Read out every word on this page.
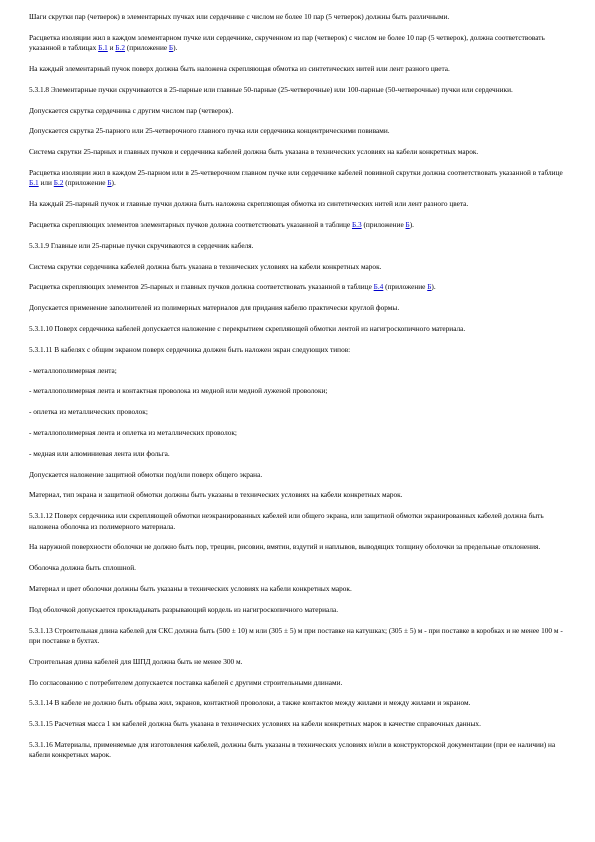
Шаги скрутки пар (четверок) в элементарных пучках или сердечнике с числом не более 10 пар (5 четверок) должны быть различными.

Расцветка изоляции жил в каждом элементарном пучке или сердечнике, скрученном из пар (четверок) с числом не более 10 пар (5 четверок), должна соответствовать указанной в таблицах Б.1 и Б.2 (приложение Б).

На каждый элементарный пучок поверх должна быть наложена скрепляющая обмотка из синтетических нитей или лент разного цвета.

5.3.1.8 Элементарные пучки скручиваются в 25-парные или главные 50-парные (25-четверочные) или 100-парные (50-четверочные) пучки или сердечники.

Допускается скрутка сердечника с другим числом пар (четверок).

Допускается скрутка 25-парного или 25-четверочного главного пучка или сердечника концентрическими повивами.

Система скрутки 25-парных и главных пучков и сердечника кабелей должна быть указана в технических условиях на кабели конкретных марок.

Расцветка изоляции жил в каждом 25-парном или в 25-четверочном главном пучке или сердечнике кабелей повивной скрутки должна соответствовать указанной в таблице Б.1 или Б.2 (приложение Б).

На каждый 25-парный пучок и главные пучки должна быть наложена скрепляющая обмотка из синтетических нитей или лент разного цвета.

Расцветка скрепляющих элементов элементарных пучков должна соответствовать указанной в таблице Б.3 (приложение Б).

5.3.1.9 Главные или 25-парные пучки скручиваются в сердечник кабеля.

Система скрутки сердечника кабелей должна быть указана в технических условиях на кабели конкретных марок.

Расцветка скрепляющих элементов 25-парных и главных пучков должна соответствовать указанной в таблице Б.4 (приложение Б).

Допускается применение заполнителей из полимерных материалов для придания кабелю практически круглой формы.

5.3.1.10 Поверх сердечника кабелей допускается наложение с перекрытием скрепляющей обмотки лентой из нагигроскопичного материала.

5.3.1.11 В кабелях с общим экраном поверх сердечника должен быть наложен экран следующих типов:

- металлополимерная лента;

- металлополимерная лента и контактная проволока из медной или медной луженой проволоки;

- оплетка из металлических проволок;

- металлополимерная лента и оплетка из металлических проволок;

- медная или алюминиевая лента или фольга.

Допускается наложение защитной обмотки под/или поверх общего экрана.

Материал, тип экрана и защитной обмотки должны быть указаны в технических условиях на кабели конкретных марок.

5.3.1.12 Поверх сердечника или скрепляющей обмотки неэкранированных кабелей или общего экрана, или защитной обмотки экранированных кабелей должна быть наложена оболочка из полимерного материала.

На наружной поверхности оболочки не должно быть пор, трещин, рисовин, вмятин, вздутий и наплывов, выводящих толщину оболочки за предельные отклонения.

Оболочка должна быть сплошной.

Материал и цвет оболочки должны быть указаны в технических условиях на кабели конкретных марок.

Под оболочкой допускается прокладывать разрывающий кордель из нагигроскопичного материала.

5.3.1.13 Строительная длина кабелей для СКС должна быть (500 ± 10) м или (305 ± 5) м при поставке на катушках; (305 ± 5) м - при поставке в коробках и не менее 100 м - при поставке в бухтах.

Строительная длина кабелей для ШПД должна быть не менее 300 м.

По согласованию с потребителем допускается поставка кабелей с другими строительными длинами.

5.3.1.14 В кабеле не должно быть обрыва жил, экранов, контактной проволоки, а также контактов между жилами и между жилами и экраном.

5.3.1.15 Расчетная масса 1 км кабелей должна быть указана в технических условиях на кабели конкретных марок в качестве справочных данных.

5.3.1.16 Материалы, применяемые для изготовления кабелей, должны быть указаны в технических условиях и/или в конструкторской документации (при ее наличии) на кабели конкретных марок.
